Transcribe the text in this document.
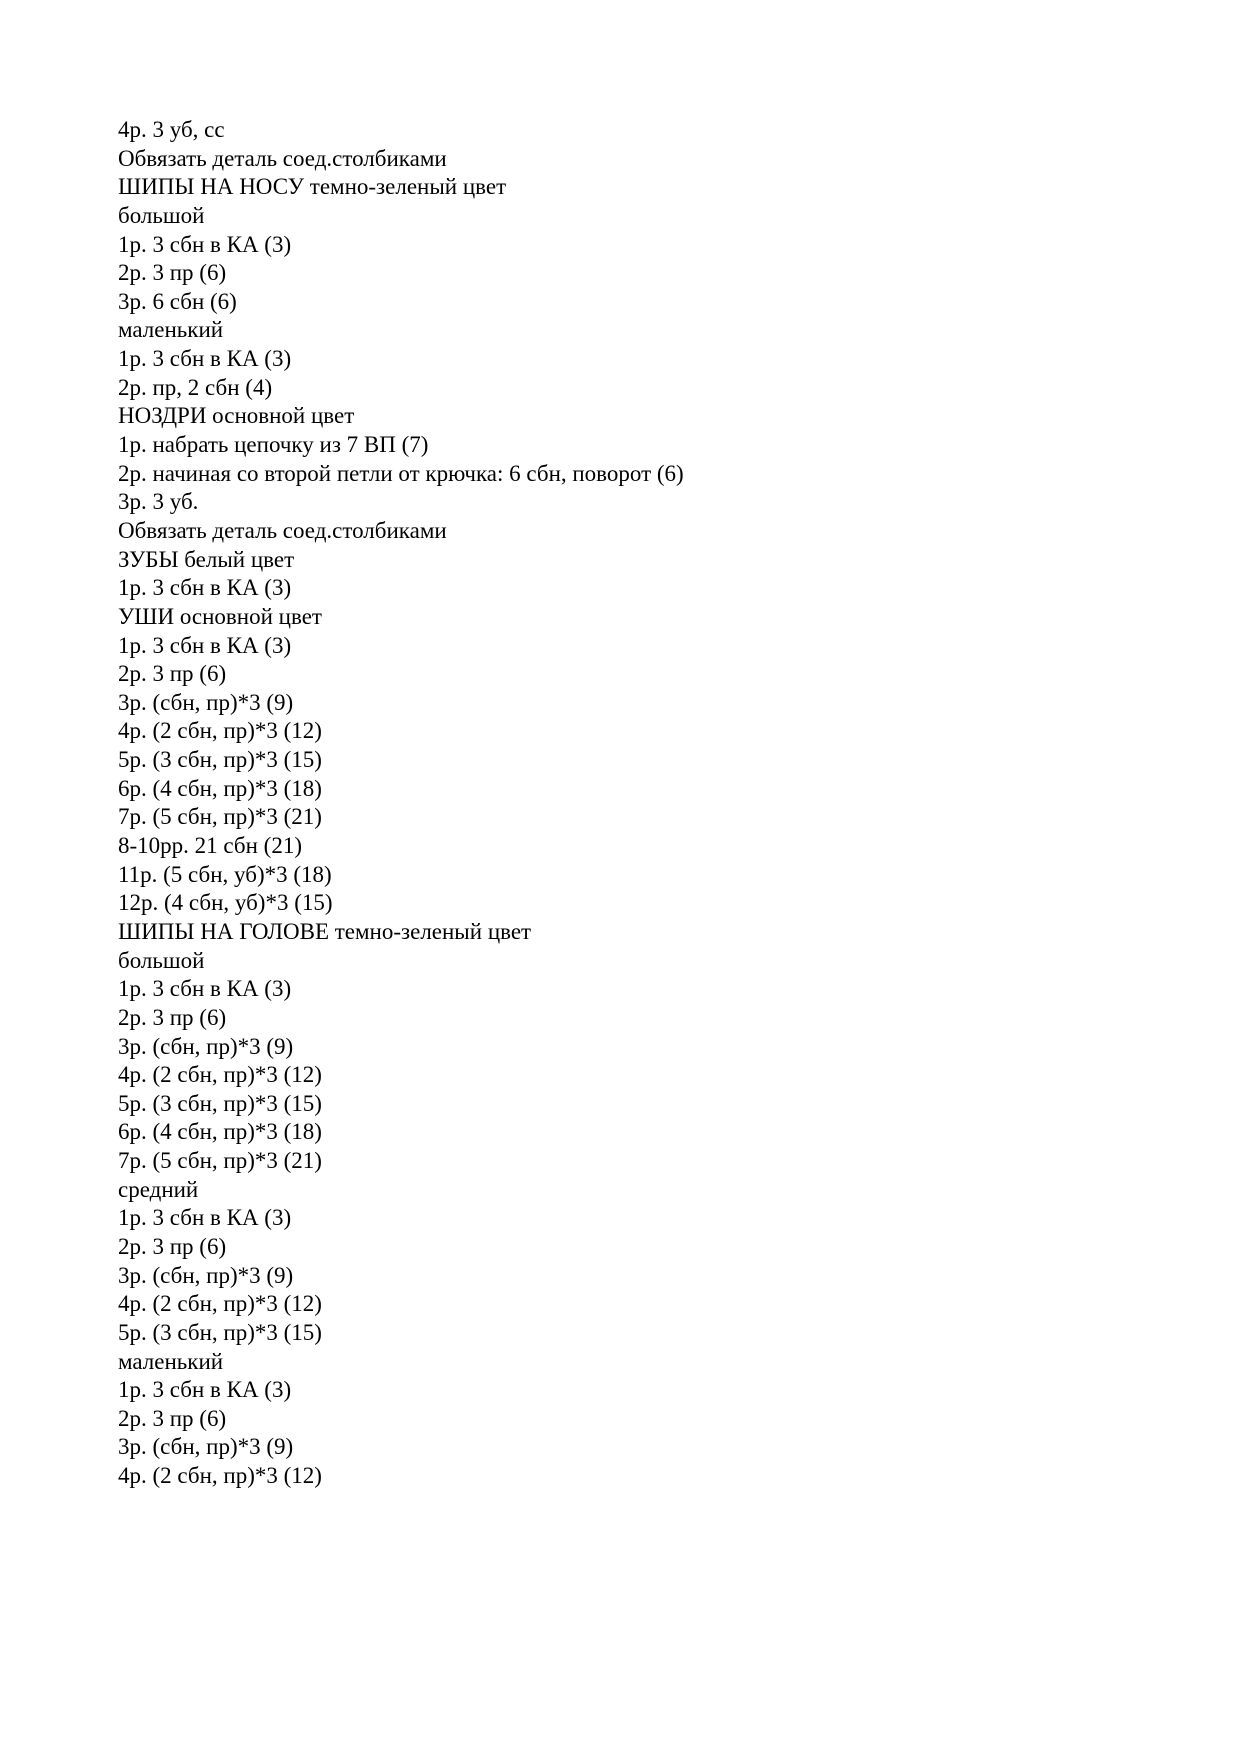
4р. 3 уб, сс
Обвязать деталь соед.столбиками
ШИПЫ НА НОСУ темно-зеленый цвет
большой
1р. 3 сбн в КА (3)
2р. 3 пр (6)
3р. 6 сбн (6)
маленький
1р. 3 сбн в КА (3)
2р. пр, 2 сбн (4)
НОЗДРИ основной цвет
1р. набрать цепочку из 7 ВП (7)
2р. начиная со второй петли от крючка: 6 сбн, поворот (6)
3р. 3 уб.
Обвязать деталь соед.столбиками
ЗУБЫ белый цвет
1р. 3 сбн в КА (3)
УШИ основной цвет
1р. 3 сбн в КА (3)
2р. 3 пр (6)
3р. (сбн, пр)*3 (9)
4р. (2 сбн, пр)*3 (12)
5р. (3 сбн, пр)*3 (15)
6р. (4 сбн, пр)*3 (18)
7р. (5 сбн, пр)*3 (21)
8-10рр. 21 сбн (21)
11р. (5 сбн, уб)*3 (18)
12р. (4 сбн, уб)*3 (15)
ШИПЫ НА ГОЛОВЕ темно-зеленый цвет
большой
1р. 3 сбн в КА (3)
2р. 3 пр (6)
3р. (сбн, пр)*3 (9)
4р. (2 сбн, пр)*3 (12)
5р. (3 сбн, пр)*3 (15)
6р. (4 сбн, пр)*3 (18)
7р. (5 сбн, пр)*3 (21)
средний
1р. 3 сбн в КА (3)
2р. 3 пр (6)
3р. (сбн, пр)*3 (9)
4р. (2 сбн, пр)*3 (12)
5р. (3 сбн, пр)*3 (15)
маленький
1р. 3 сбн в КА (3)
2р. 3 пр (6)
3р. (сбн, пр)*3 (9)
4р. (2 сбн, пр)*3 (12)
